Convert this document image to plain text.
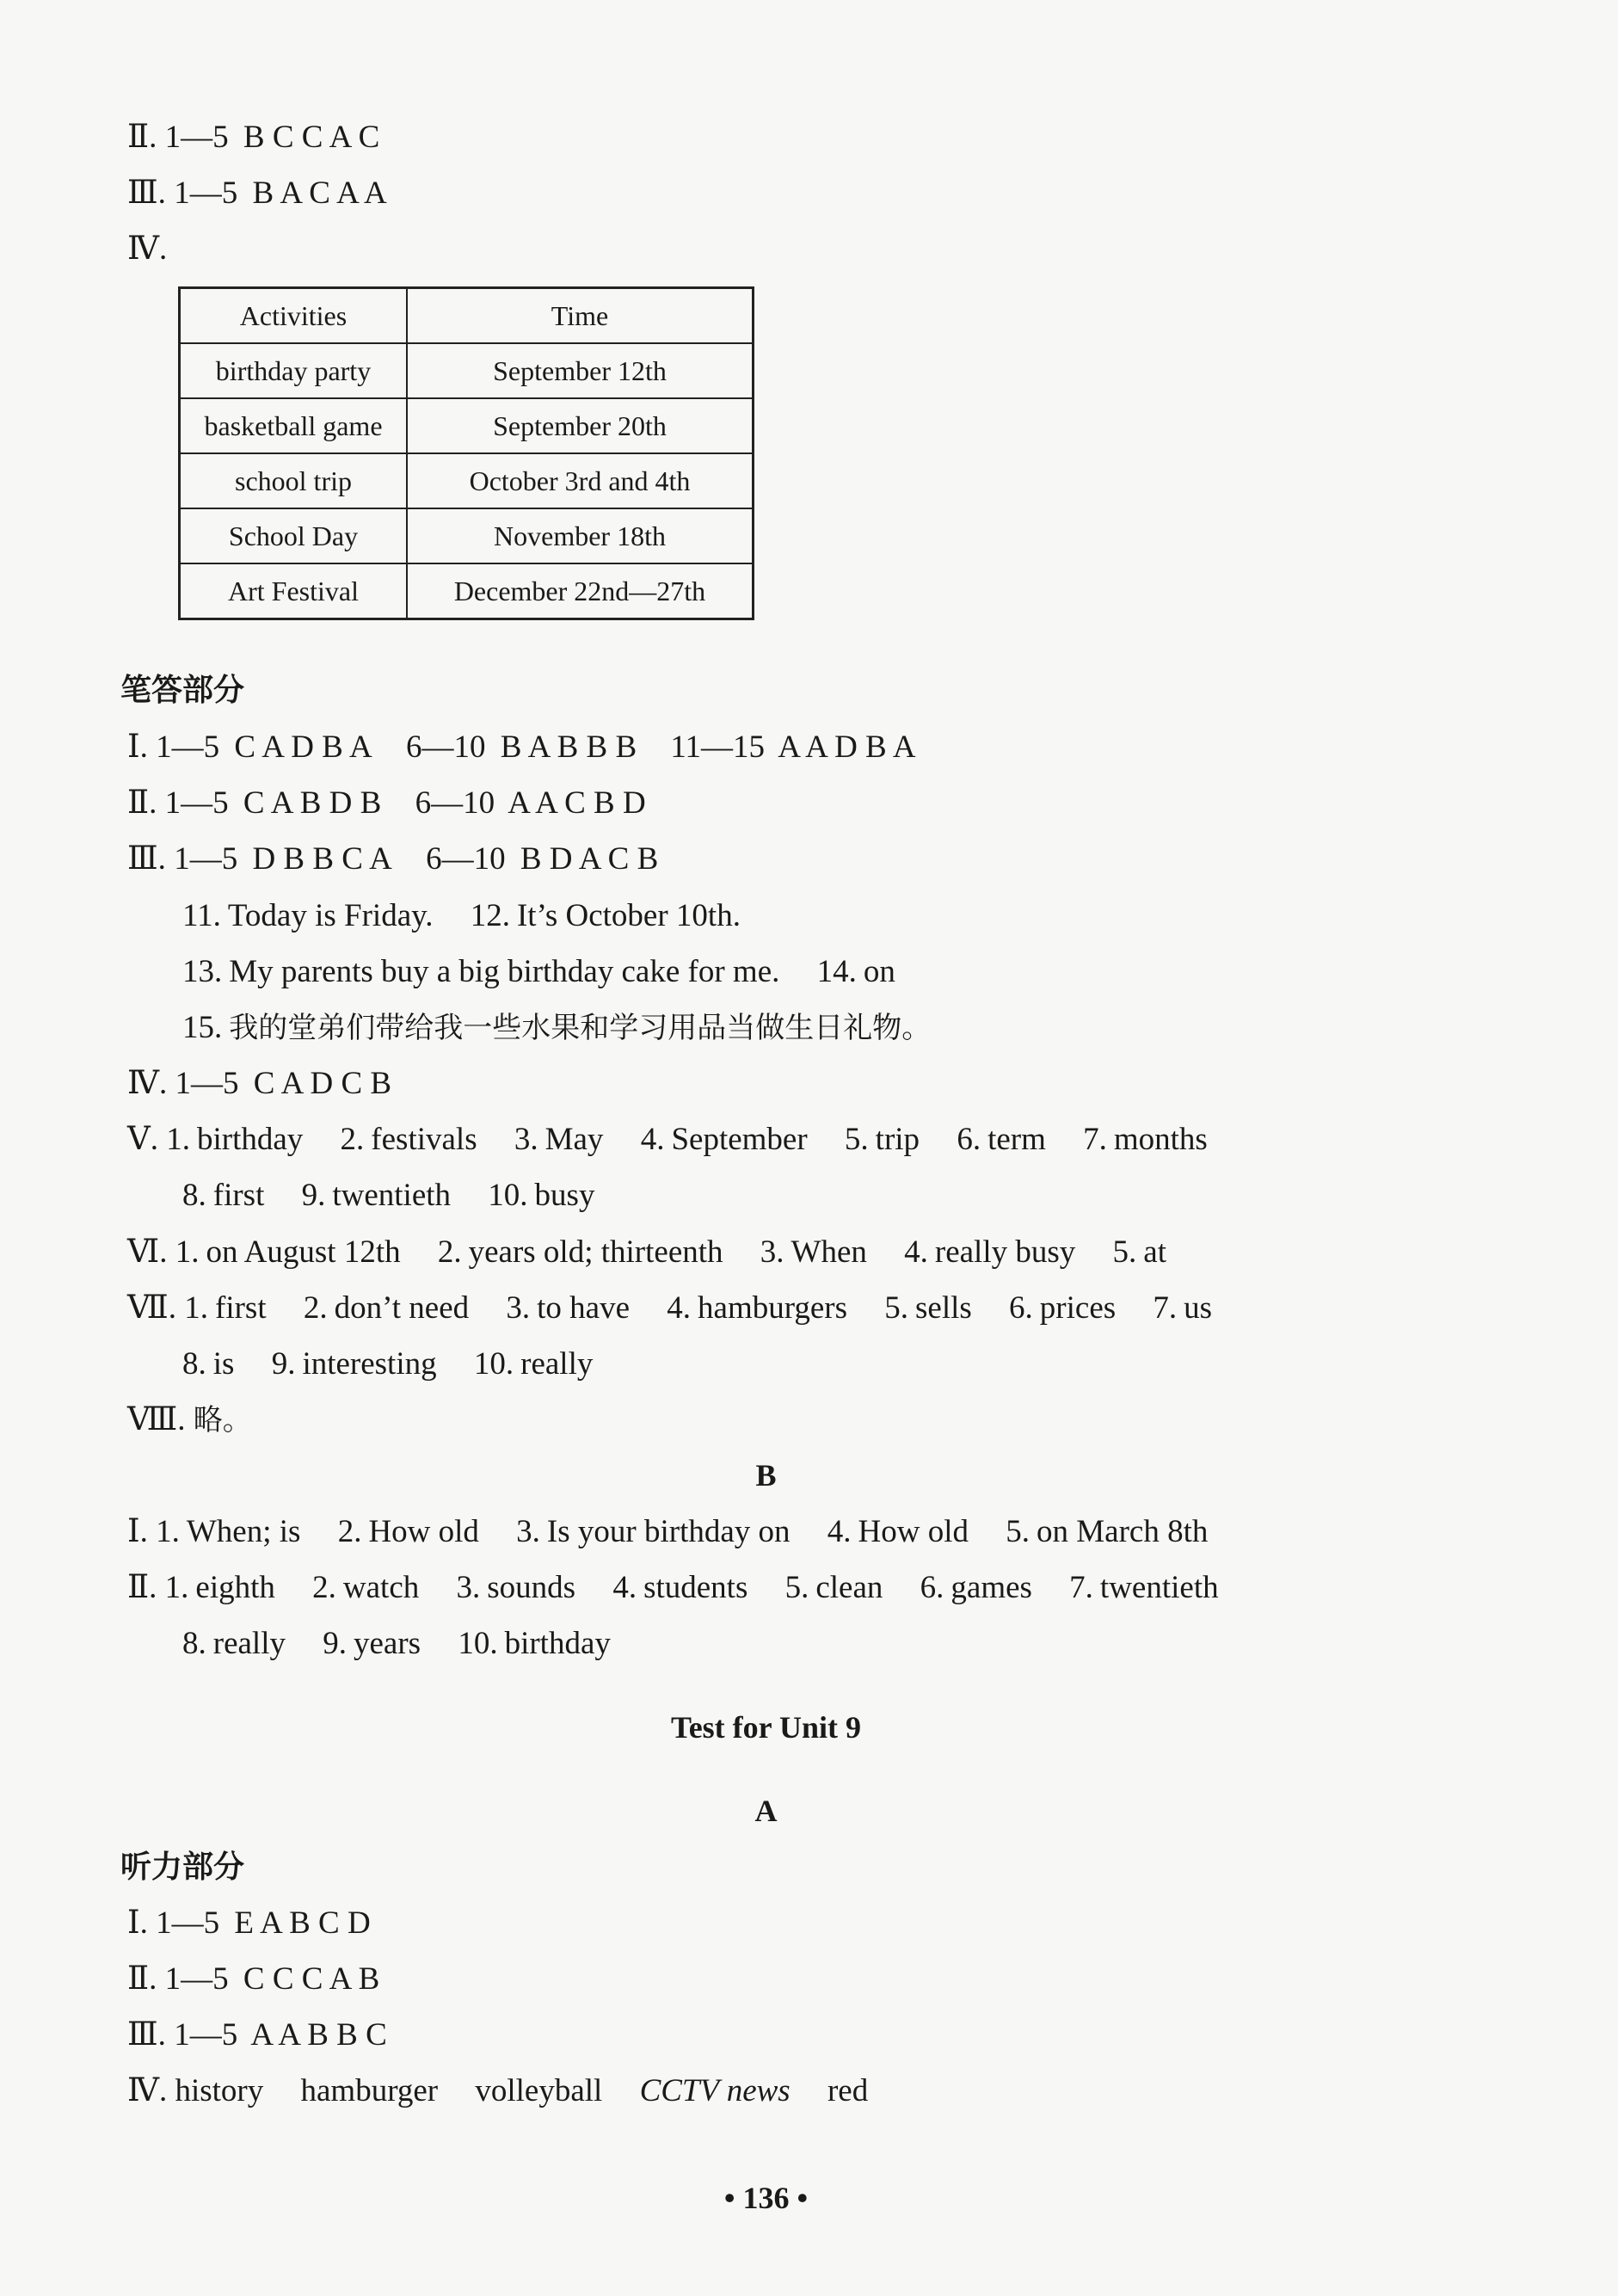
Ⅱ. 1—5 B C C A C
Ⅲ. 1—5 B A C A A
Ⅳ.
Activities	Time
birthday party	September 12th
basketball game	September 20th
school trip	October 3rd and 4th
School Day	November 18th
Art Festival	December 22nd—27th
笔答部分
Ⅰ. 1—5 C A D B A 6—10 B A B B B 11—15 A A D B A
Ⅱ. 1—5 C A B D B 6—10 A A C B D
Ⅲ. 1—5 D B B C A 6—10 B D A C B
11. Today is Friday. 12. It’s October 10th.
13. My parents buy a big birthday cake for me. 14. on
15. 我的堂弟们带给我一些水果和学习用品当做生日礼物。
Ⅳ. 1—5 C A D C B
Ⅴ. 1. birthday 2. festivals 3. May 4. September 5. trip 6. term 7. months
8. first 9. twentieth 10. busy
Ⅵ. 1. on August 12th 2. years old; thirteenth 3. When 4. really busy 5. at
Ⅶ. 1. first 2. don’t need 3. to have 4. hamburgers 5. sells 6. prices 7. us
8. is 9. interesting 10. really
Ⅷ. 略。
B
Ⅰ. 1. When; is 2. How old 3. Is your birthday on 4. How old 5. on March 8th
Ⅱ. 1. eighth 2. watch 3. sounds 4. students 5. clean 6. games 7. twentieth
8. really 9. years 10. birthday
Test for Unit 9
A
听力部分
Ⅰ. 1—5 E A B C D
Ⅱ. 1—5 C C C A B
Ⅲ. 1—5 A A B B C
Ⅳ. history hamburger volleyball CCTV news red
• 136 •
